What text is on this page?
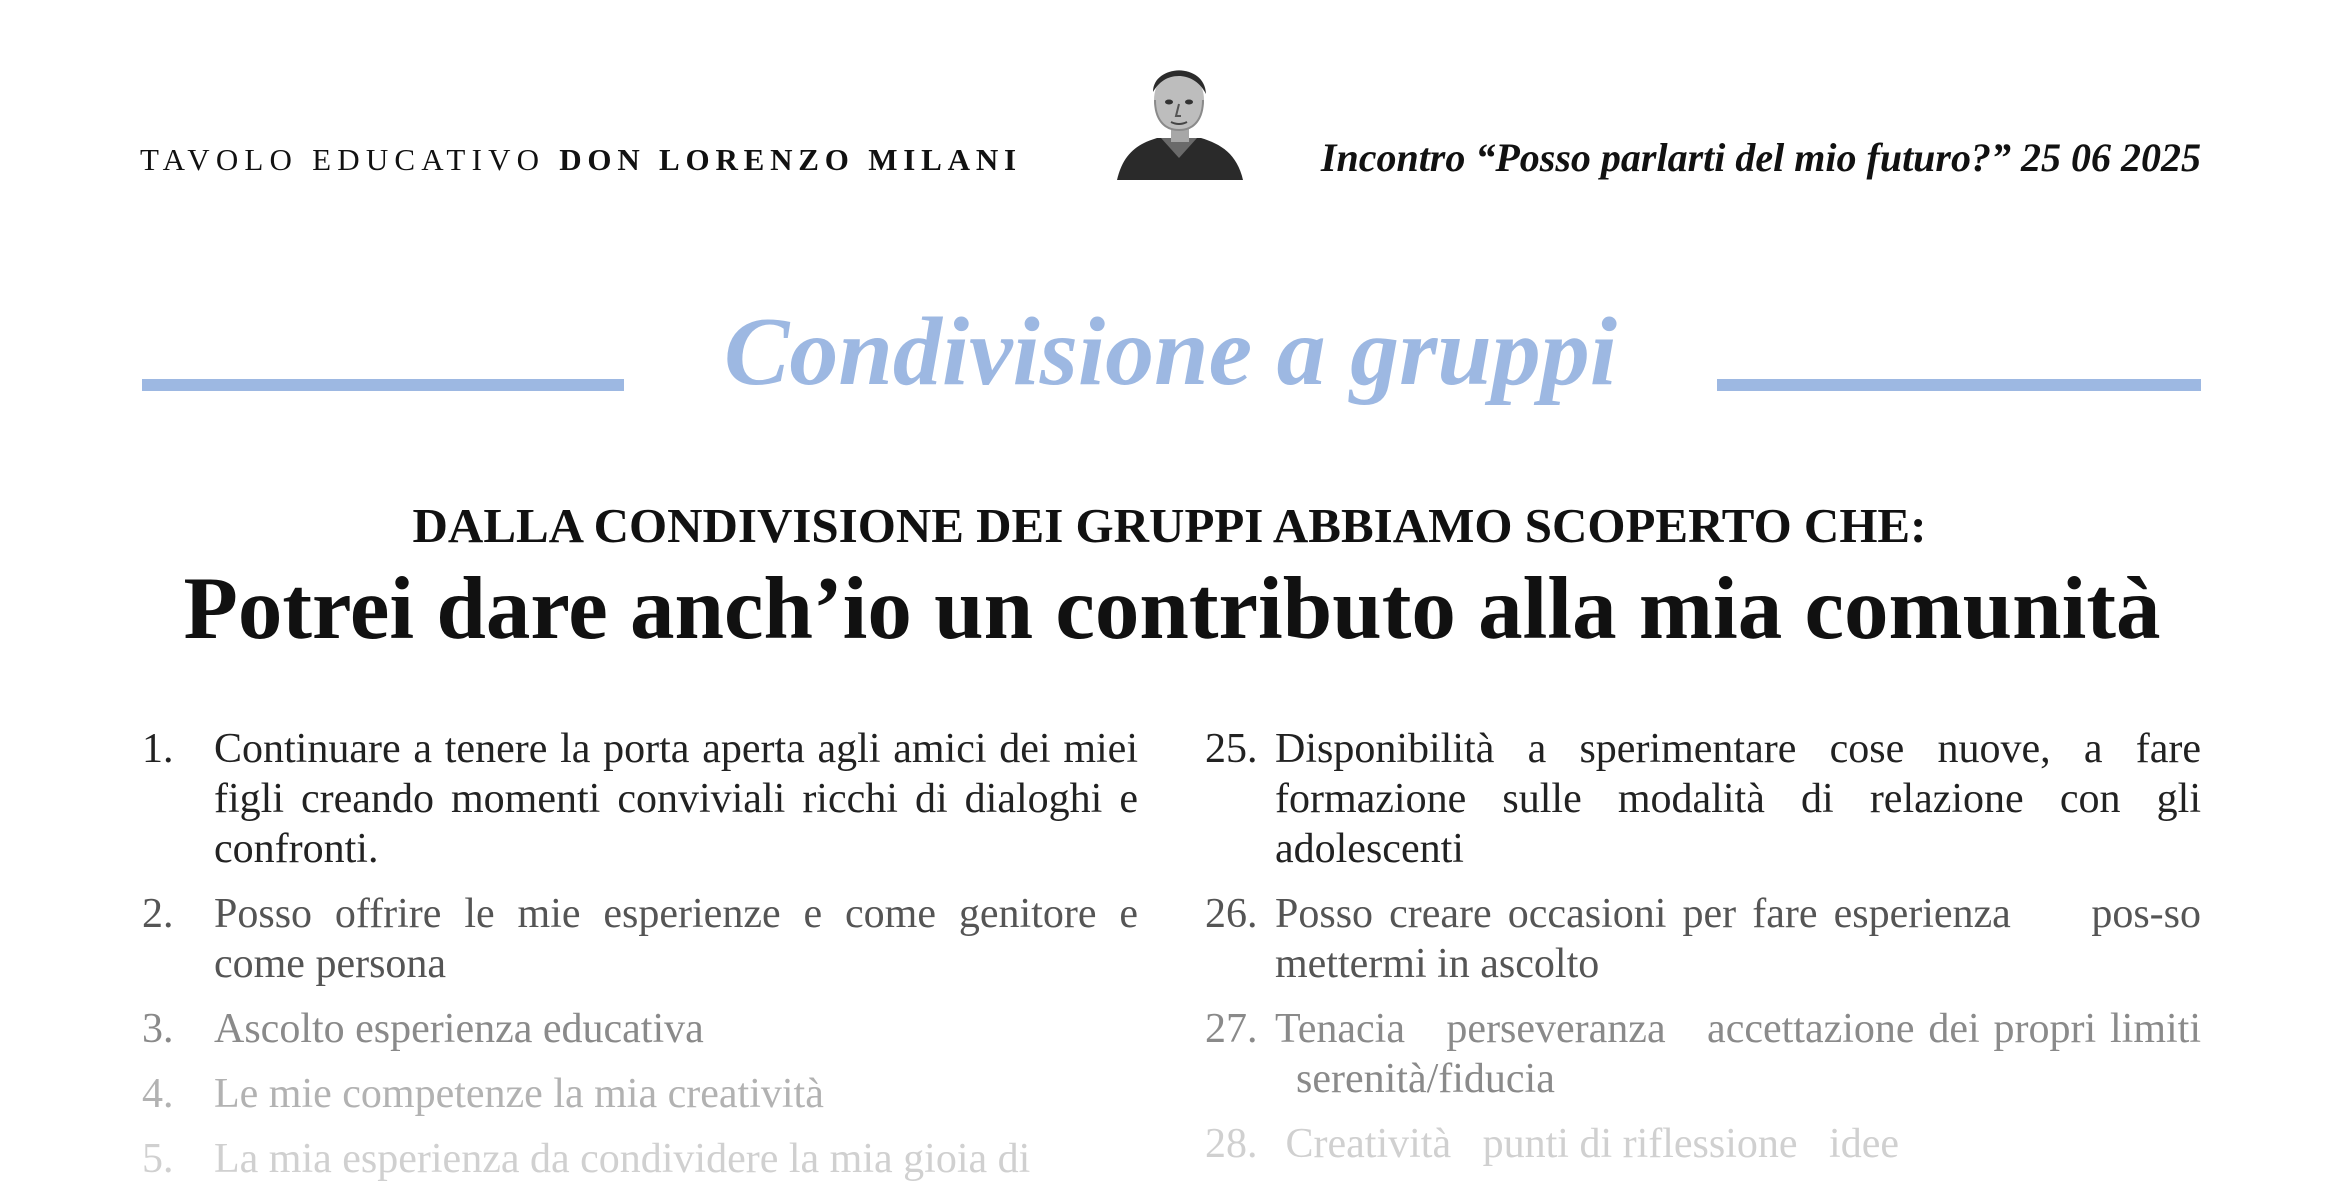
TAVOLO EDUCATIVO DON LORENZO MILANI	Incontro “Posso parlarti del mio futuro?” 25 06 2025
Condivisione a gruppi
DALLA CONDIVISIONE DEI GRUPPI ABBIAMO SCOPERTO CHE:
Potrei dare anch’io un contributo alla mia comunità
1. Continuare a tenere la porta aperta agli amici dei miei figli creando momenti conviviali ricchi di dialoghi e confronti.
2. Posso offrire le mie esperienze e come genitore e come persona
3. Ascolto esperienza educativa
4. Le mie competenze la mia creatività
5. La mia esperienza da condividere la mia gioia di
25. Disponibilità a sperimentare cose nuove, a fare formazione sulle modalità di relazione con gli adolescenti
26. Posso creare occasioni per fare esperienza     pos-so mettermi in ascolto
27. Tenacia   perseveranza   accettazione dei propri limiti   serenità/fiducia
28. Creatività   punti di riflessione   idee
